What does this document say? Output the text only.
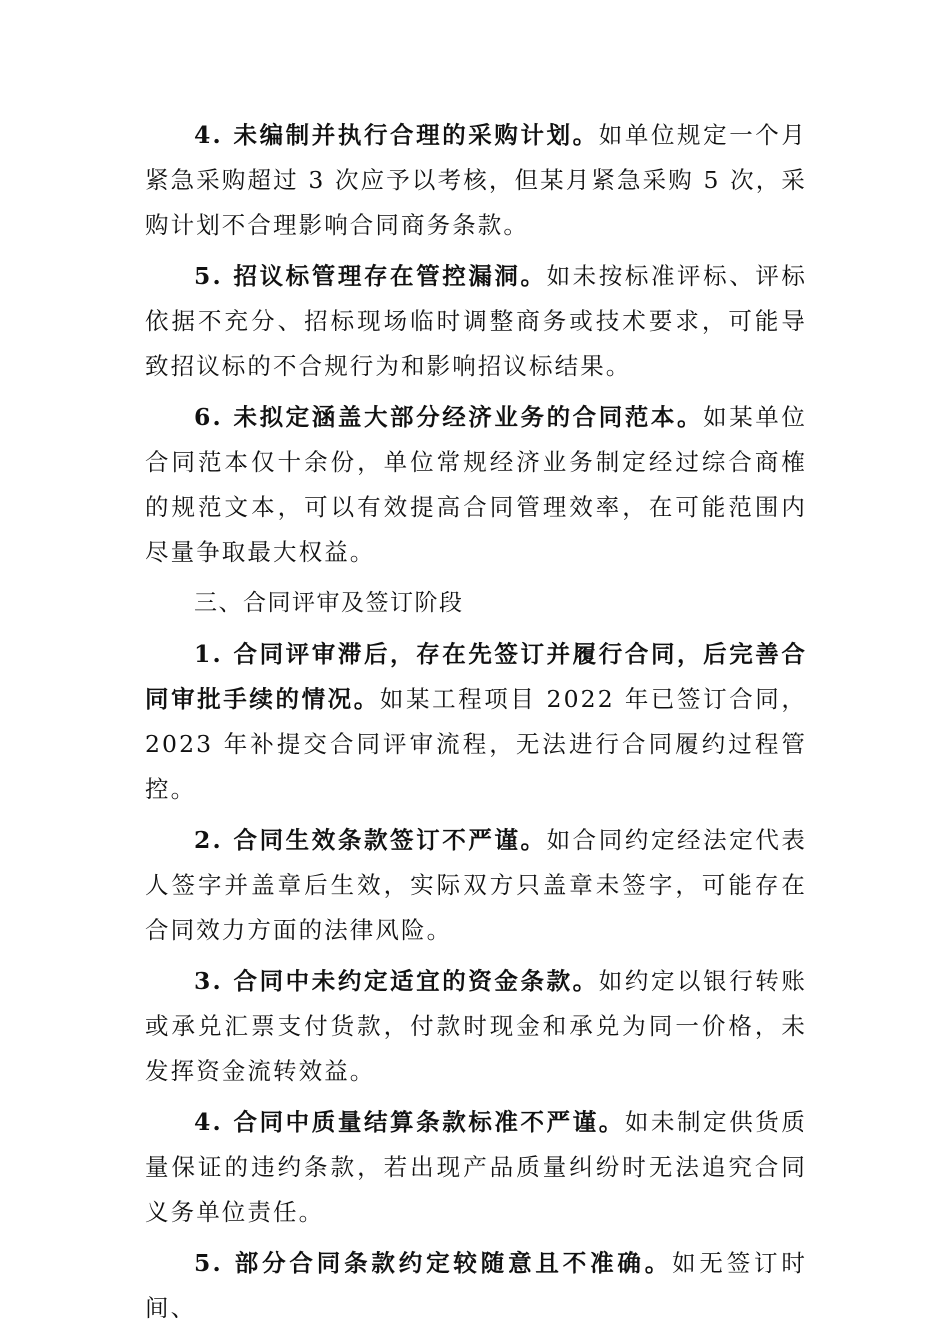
4. 未编制并执行合理的采购计划。如单位规定一个月紧急采购超过 3 次应予以考核，但某月紧急采购 5 次，采购计划不合理影响合同商务条款。

5. 招议标管理存在管控漏洞。如未按标准评标、评标依据不充分、招标现场临时调整商务或技术要求，可能导致招议标的不合规行为和影响招议标结果。

6. 未拟定涵盖大部分经济业务的合同范本。如某单位合同范本仅十余份，单位常规经济业务制定经过综合商榷的规范文本，可以有效提高合同管理效率，在可能范围内尽量争取最大权益。

三、合同评审及签订阶段

1. 合同评审滞后，存在先签订并履行合同，后完善合同审批手续的情况。如某工程项目 2022 年已签订合同，2023 年补提交合同评审流程，无法进行合同履约过程管控。

2. 合同生效条款签订不严谨。如合同约定经法定代表人签字并盖章后生效，实际双方只盖章未签字，可能存在合同效力方面的法律风险。

3. 合同中未约定适宜的资金条款。如约定以银行转账或承兑汇票支付货款，付款时现金和承兑为同一价格，未发挥资金流转效益。

4. 合同中质量结算条款标准不严谨。如未制定供货质量保证的违约条款，若出现产品质量纠纷时无法追究合同义务单位责任。

5. 部分合同条款约定较随意且不准确。如无签订时间、
